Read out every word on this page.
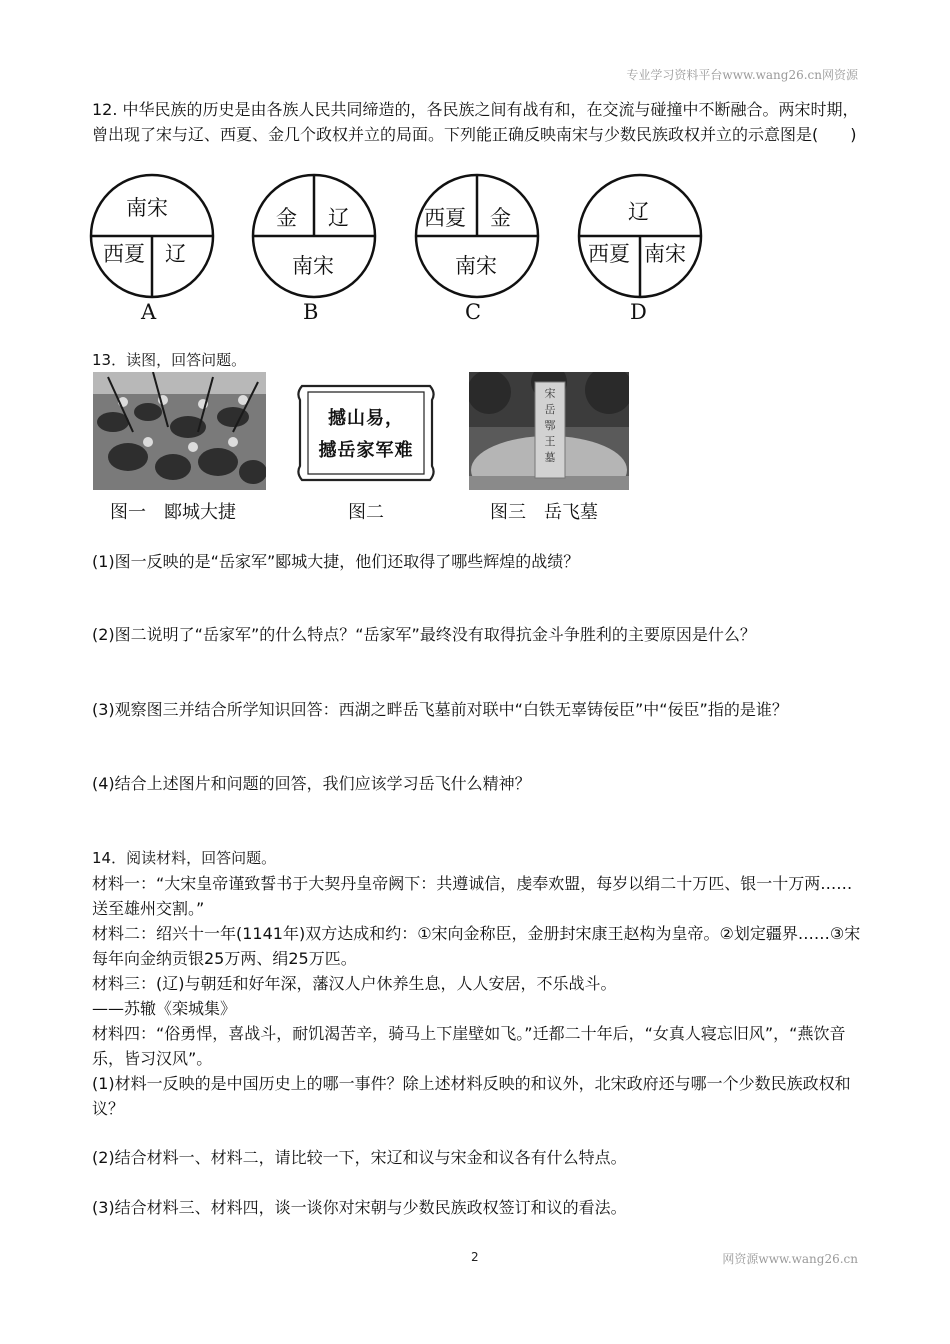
专业学习资料平台www.wang26.cn网资源
12. 中华民族的历史是由各族人民共同缔造的，各民族之间有战有和，在交流与碰撞中不断融合。两宋时期，曾出现了宋与辽、西夏、金几个政权并立的局面。下列能正确反映南宋与少数民族政权并立的示意图是(　　)
南宋
西夏 辽
A
金 辽
南宋
B
西夏 金
南宋
C
辽
西夏 南宋
D
13．读图，回答问题。
撼山易，
撼岳家军难
宋岳鄂王墓
图一　郾城大捷	图二	图三　岳飞墓
(1)图一反映的是“岳家军”郾城大捷，他们还取得了哪些辉煌的战绩？
(2)图二说明了“岳家军”的什么特点？“岳家军”最终没有取得抗金斗争胜利的主要原因是什么？
(3)观察图三并结合所学知识回答：西湖之畔岳飞墓前对联中“白铁无辜铸佞臣”中“佞臣”指的是谁？
(4)结合上述图片和问题的回答，我们应该学习岳飞什么精神？
14．阅读材料，回答问题。
材料一：“大宋皇帝谨致誓书于大契丹皇帝阙下：共遵诚信，虔奉欢盟，每岁以绢二十万匹、银一十万两……送至雄州交割。”
材料二：绍兴十一年(1141年)双方达成和约：①宋向金称臣，金册封宋康王赵构为皇帝。②划定疆界……③宋每年向金纳贡银25万两、绢25万匹。
材料三：(辽)与朝廷和好年深，藩汉人户休养生息，人人安居，不乐战斗。
——苏辙《栾城集》
材料四：“俗勇悍，喜战斗，耐饥渴苦辛，骑马上下崖壁如飞。”迁都二十年后，“女真人寝忘旧风”，“燕饮音乐，皆习汉风”。
(1)材料一反映的是中国历史上的哪一事件？除上述材料反映的和议外，北宋政府还与哪一个少数民族政权和议？
(2)结合材料一、材料二，请比较一下，宋辽和议与宋金和议各有什么特点。
(3)结合材料三、材料四，谈一谈你对宋朝与少数民族政权签订和议的看法。
2	网资源www.wang26.cn
